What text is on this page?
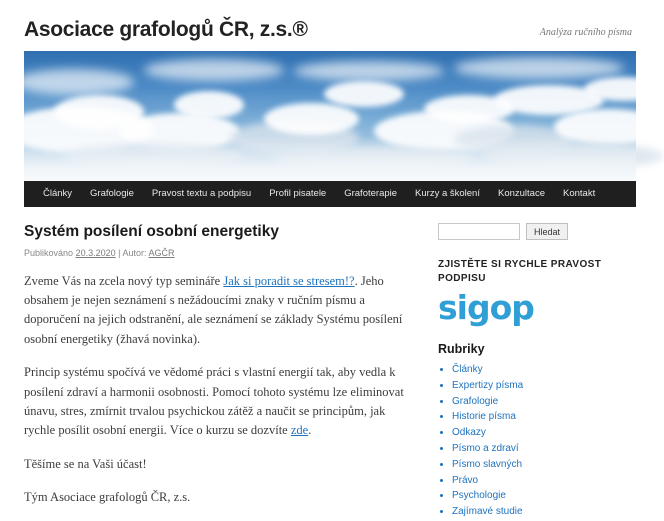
Asociace grafologů ČR, z.s.®	Analýza ručního písma
Články	Grafologie	Pravost textu a podpisu	Profil pisatele	Grafoterapie	Kurzy a školení	Konzultace	Kontakt
Systém posílení osobní energetiky
Publikováno 20.3.2020 | Autor: AGČR

Zveme Vás na zcela nový typ semináře Jak si poradit se stresem!?. Jeho obsahem je nejen seznámení s nežádoucími znaky v ručním písmu a doporučení na jejich odstranění, ale seznámení se základy Systému posílení osobní energetiky (žhavá novinka).

Princip systému spočívá ve vědomé práci s vlastní energií tak, aby vedla k posílení zdraví a harmonii osobnosti. Pomocí tohoto systému lze eliminovat únavu, stres, zmírnit trvalou psychickou zátěž a naučit se principům, jak rychle posílit osobní energii. Více o kurzu se dozvíte zde.

Těšíme se na Vaši účast!

Tým Asociace grafologů ČR, z.s.

Hledat
ZJISTĚTE SI RYCHLE PRAVOST PODPISU
sigop
Rubriky
• Články
• Expertizy písma
• Grafologie
• Historie písma
• Odkazy
• Písmo a zdraví
• Písmo slavných
• Právo
• Psychologie
• Zajímavé studie
